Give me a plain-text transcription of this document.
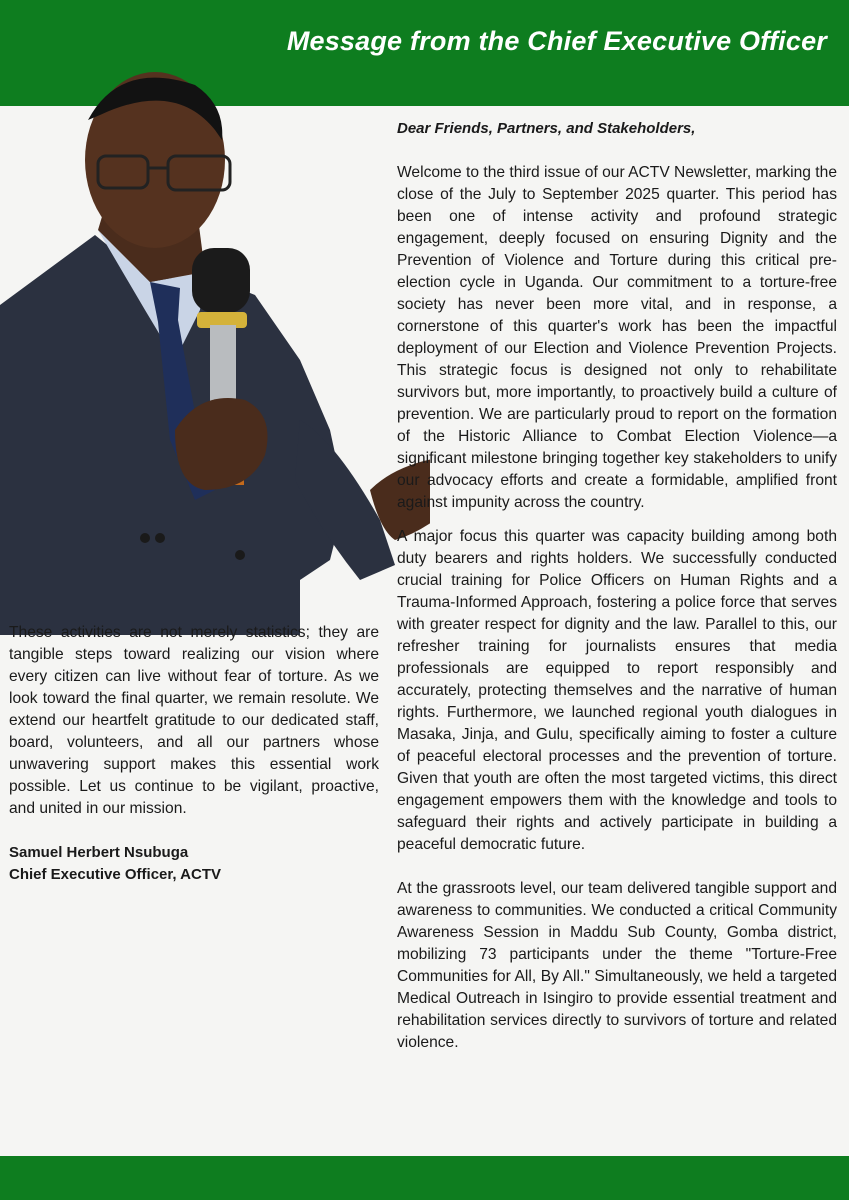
Message from the Chief Executive Officer

Dear Friends, Partners, and Stakeholders,

Welcome to the third issue of our ACTV Newsletter, marking the close of the July to September 2025 quarter. This period has been one of intense activity and profound strategic engagement, deeply focused on ensuring Dignity and the Prevention of Violence and Torture during this critical pre-election cycle in Uganda. Our commitment to a torture-free society has never been more vital, and in response, a cornerstone of this quarter's work has been the impactful deployment of our Election and Violence Prevention Projects. This strategic focus is designed not only to rehabilitate survivors but, more importantly, to proactively build a culture of prevention. We are particularly proud to report on the formation of the Historic Alliance to Combat Election Violence—a significant milestone bringing together key stakeholders to unify our advocacy efforts and create a formidable, amplified front against impunity across the country.

A major focus this quarter was capacity building among both duty bearers and rights holders. We successfully conducted crucial training for Police Officers on Human Rights and a Trauma-Informed Approach, fostering a police force that serves with greater respect for dignity and the law. Parallel to this, our refresher training for journalists ensures that media professionals are equipped to report responsibly and accurately, protecting themselves and the narrative of human rights. Furthermore, we launched regional youth dialogues in Masaka, Jinja, and Gulu, specifically aiming to foster a culture of peaceful electoral processes and the prevention of torture. Given that youth are often the most targeted victims, this direct engagement empowers them with the knowledge and tools to safeguard their rights and actively participate in building a peaceful democratic future.

At the grassroots level, our team delivered tangible support and awareness to communities. We conducted a critical Community Awareness Session in Maddu Sub County, Gomba district, mobilizing 73 participants under the theme "Torture-Free Communities for All, By All." Simultaneously, we held a targeted Medical Outreach in Isingiro to provide essential treatment and rehabilitation services directly to survivors of torture and related violence.

These activities are not merely statistics; they are tangible steps toward realizing our vision where every citizen can live without fear of torture. As we look toward the final quarter, we remain resolute. We extend our heartfelt gratitude to our dedicated staff, board, volunteers, and all our partners whose unwavering support makes this essential work possible. Let us continue to be vigilant, proactive, and united in our mission.

Samuel Herbert Nsubuga
Chief Executive Officer, ACTV
